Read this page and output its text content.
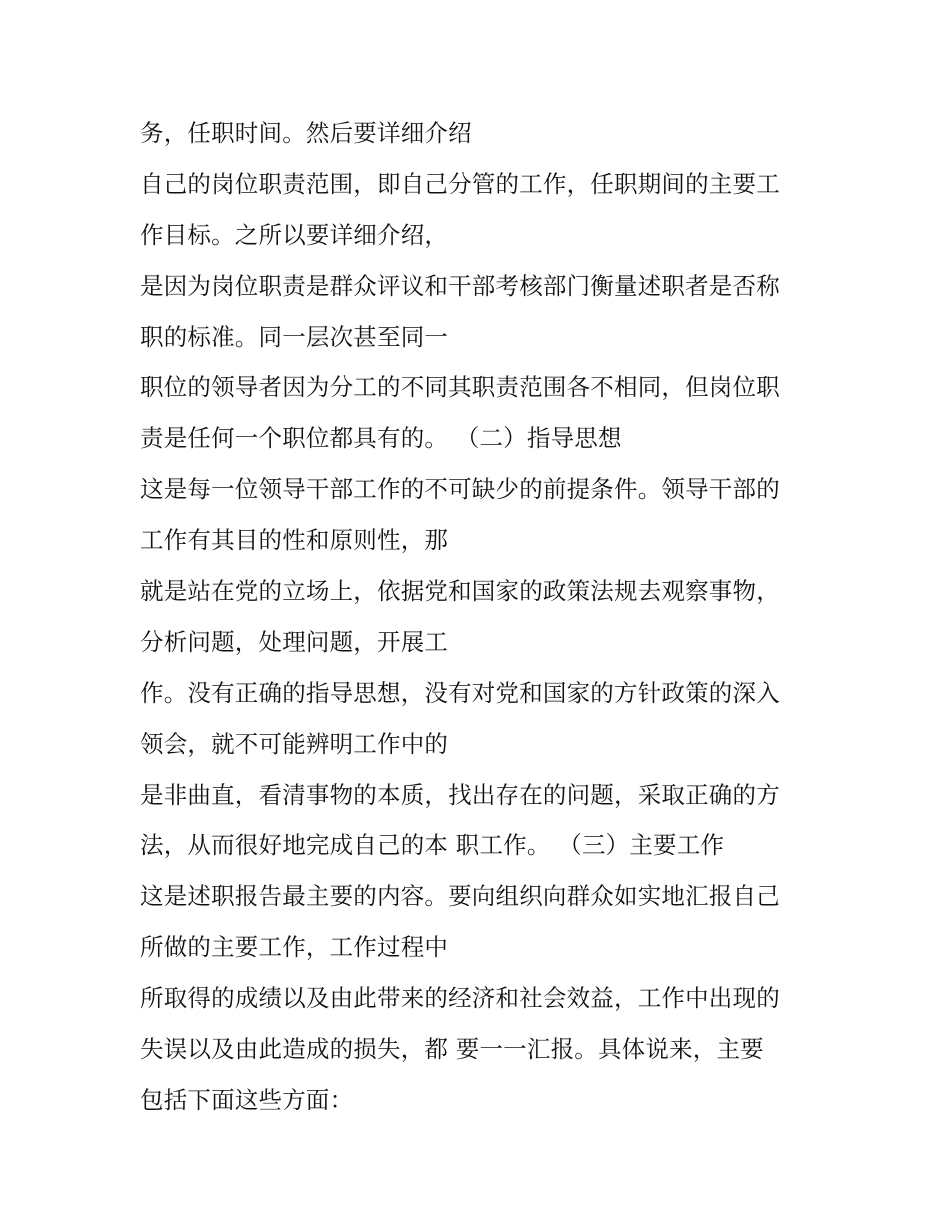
务，任职时间。然后要详细介绍
自己的岗位职责范围，即自己分管的工作，任职期间的主要工
作目标。之所以要详细介绍，
是因为岗位职责是群众评议和干部考核部门衡量述职者是否称
职的标准。同一层次甚至同一
职位的领导者因为分工的不同其职责范围各不相同，但岗位职
责是任何一个职位都具有的。 （二）指导思想
这是每一位领导干部工作的不可缺少的前提条件。领导干部的
工作有其目的性和原则性，那
就是站在党的立场上，依据党和国家的政策法规去观察事物，
分析问题，处理问题，开展工
作。没有正确的指导思想，没有对党和国家的方针政策的深入
领会，就不可能辨明工作中的
是非曲直，看清事物的本质，找出存在的问题，采取正确的方
法，从而很好地完成自己的本 职工作。 （三）主要工作
这是述职报告最主要的内容。要向组织向群众如实地汇报自己
所做的主要工作，工作过程中
所取得的成绩以及由此带来的经济和社会效益，工作中出现的
失误以及由此造成的损失，都 要一一汇报。具体说来，主要
包括下面这些方面：
